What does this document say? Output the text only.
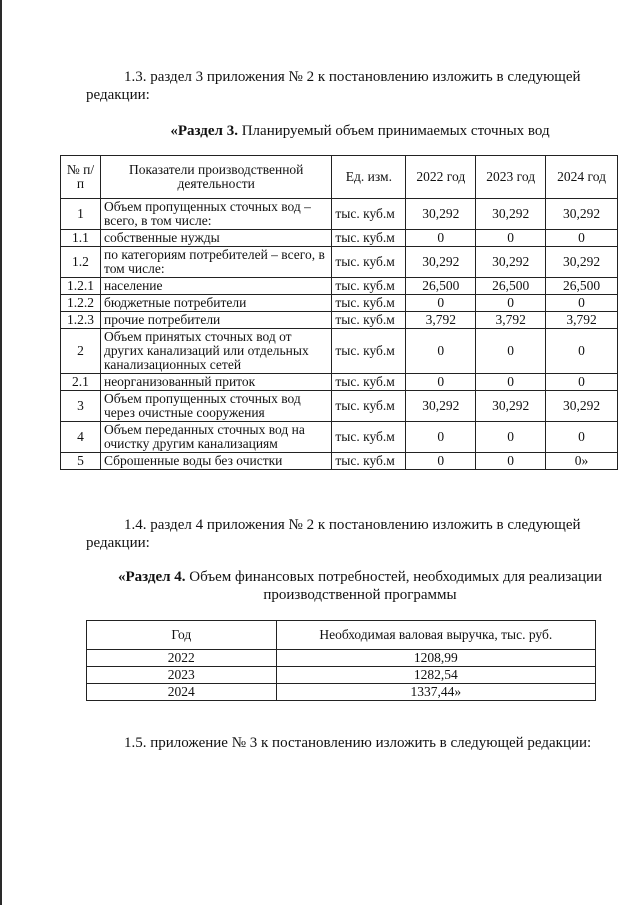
1.3. раздел 3 приложения № 2 к постановлению изложить в следующей редакции:

«Раздел 3. Планируемый объем принимаемых сточных вод

№ п/п	Показатели производственной деятельности	Ед. изм.	2022 год	2023 год	2024 год
1	Объем пропущенных сточных вод – всего, в том числе:	тыс. куб.м	30,292	30,292	30,292
1.1	собственные нужды	тыс. куб.м	0	0	0
1.2	по категориям потребителей – всего, в том числе:	тыс. куб.м	30,292	30,292	30,292
1.2.1	население	тыс. куб.м	26,500	26,500	26,500
1.2.2	бюджетные потребители	тыс. куб.м	0	0	0
1.2.3	прочие потребители	тыс. куб.м	3,792	3,792	3,792
2	Объем принятых сточных вод от других канализаций или отдельных канализационных сетей	тыс. куб.м	0	0	0
2.1	неорганизованный приток	тыс. куб.м	0	0	0
3	Объем пропущенных сточных вод через очистные сооружения	тыс. куб.м	30,292	30,292	30,292
4	Объем переданных сточных вод на очистку другим канализациям	тыс. куб.м	0	0	0
5	Сброшенные воды без очистки	тыс. куб.м	0	0	0»

1.4. раздел 4 приложения № 2 к постановлению изложить в следующей редакции:

«Раздел 4. Объем финансовых потребностей, необходимых для реализации производственной программы

Год	Необходимая валовая выручка, тыс. руб.
2022	1208,99
2023	1282,54
2024	1337,44»

1.5. приложение № 3 к постановлению изложить в следующей редакции:
